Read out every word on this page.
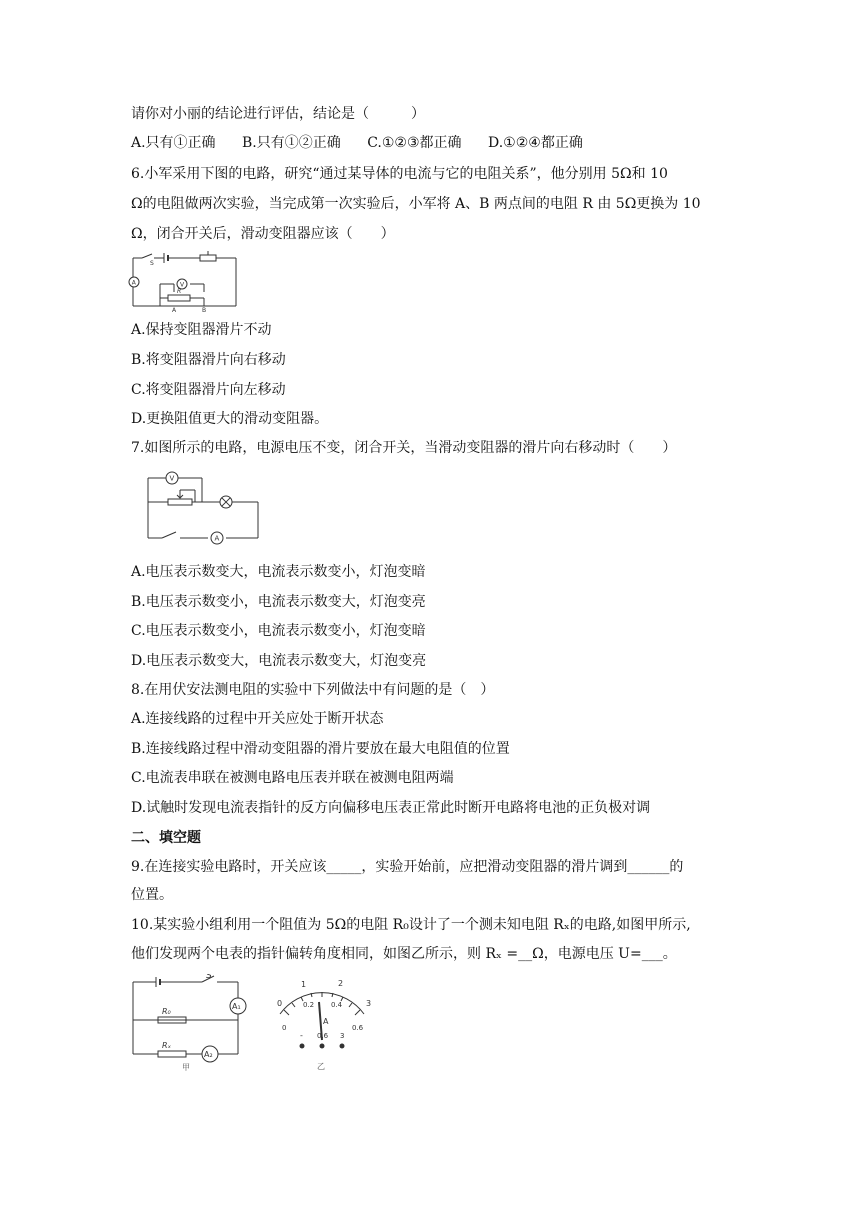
请你对小丽的结论进行评估，结论是（　　　）
A.只有①正确 B.只有①②正确 C.①②③都正确 D.①②④都正确
6.小军采用下图的电路，研究“通过某导体的电流与它的电阻关系”，他分别用 5Ω和 10
Ω的电阻做两次实验，当完成第一次实验后，小军将 A、B 两点间的电阻 R 由 5Ω更换为 10
Ω，闭合开关后，滑动变阻器应该（　　）
S
A	V
R
A	B
A.保持变阻器滑片不动
B.将变阻器滑片向右移动
C.将变阻器滑片向左移动
D.更换阻值更大的滑动变阻器。
7.如图所示的电路，电源电压不变，闭合开关，当滑动变阻器的滑片向右移动时（　　）
V
A
A.电压表示数变大，电流表示数变小，灯泡变暗
B.电压表示数变小，电流表示数变大，灯泡变亮
C.电压表示数变小，电流表示数变小，灯泡变暗
D.电压表示数变大，电流表示数变大，灯泡变亮
8.在用伏安法测电阻的实验中下列做法中有问题的是（　）
A.连接线路的过程中开关应处于断开状态
B.连接线路过程中滑动变阻器的滑片要放在最大电阻值的位置
C.电流表串联在被测电路电压表并联在被测电阻两端
D.试触时发现电流表指针的反方向偏移电压表正常此时断开电路将电池的正负极对调
二、填空题
9.在连接实验电路时，开关应该_____，实验开始前，应把滑动变阻器的滑片调到______的
位置。
10.某实验小组利用一个阻值为 5Ω的电阻 R₀设计了一个测未知电阻 Rₓ的电路,如图甲所示,
他们发现两个电表的指针偏转角度相同，如图乙所示，则 Rₓ =__Ω，电源电压 U=___。
S
A₁
A₂
R₀
Rₓ
甲
0
1	2
3
0
0.2 0.4
0.6
A
- 0.6 3
乙
